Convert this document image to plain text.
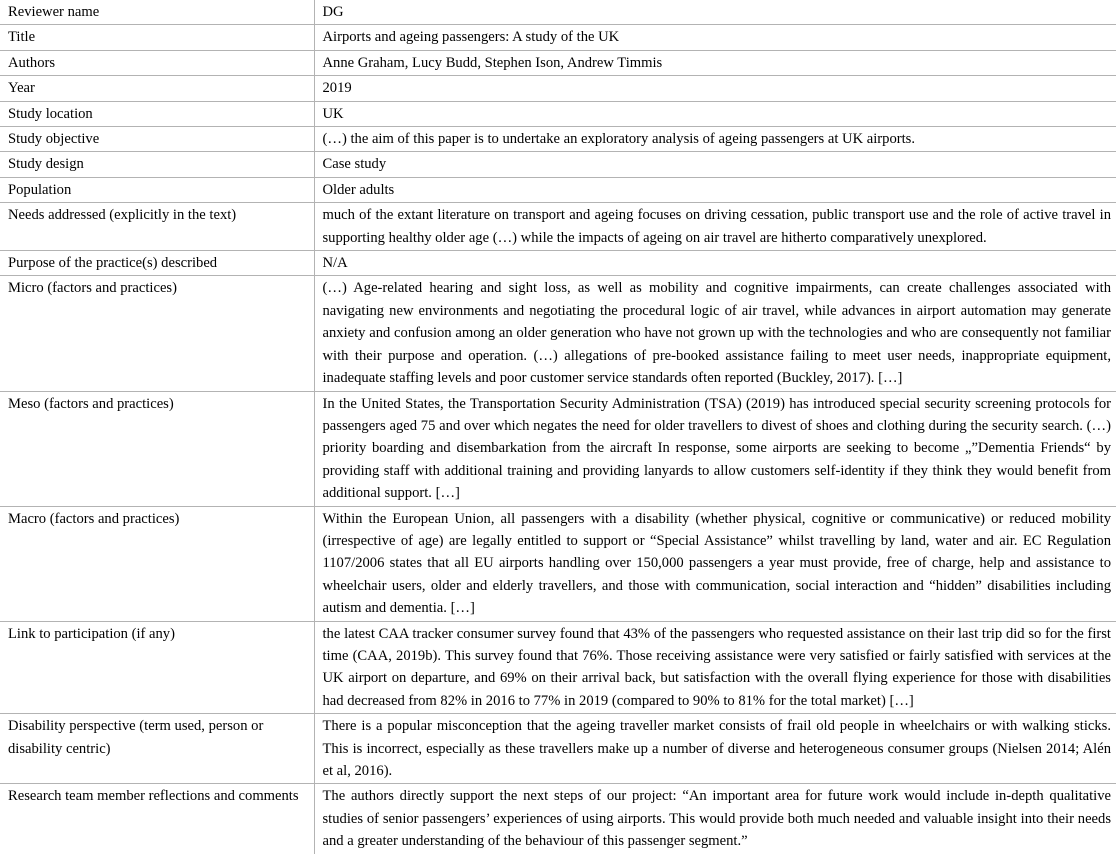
Reviewer name	DG
Title	Airports and ageing passengers: A study of the UK
Authors	Anne Graham, Lucy Budd, Stephen Ison, Andrew Timmis
Year	2019
Study location	UK
Study objective	(…) the aim of this paper is to undertake an exploratory analysis of ageing passengers at UK airports.
Study design	Case study
Population	Older adults
Needs addressed (explicitly in the text)	much of the extant literature on transport and ageing focuses on driving cessation, public transport use and the role of active travel in supporting healthy older age (…) while the impacts of ageing on air travel are hitherto comparatively unexplored.
Purpose of the practice(s) described	N/A
Micro (factors and practices)	(…) Age-related hearing and sight loss, as well as mobility and cognitive impairments, can create challenges associated with navigating new environments and negotiating the procedural logic of air travel, while advances in airport automation may generate anxiety and confusion among an older generation who have not grown up with the technologies and who are consequently not familiar with their purpose and operation. (…) allegations of pre-booked assistance failing to meet user needs, inappropriate equipment, inadequate staffing levels and poor customer service standards often reported (Buckley, 2017). […]
Meso (factors and practices)	In the United States, the Transportation Security Administration (TSA) (2019) has introduced special security screening protocols for passengers aged 75 and over which negates the need for older travellers to divest of shoes and clothing during the security search. (…) priority boarding and disembarkation from the aircraft In response, some airports are seeking to become „”Dementia Friends“ by providing staff with additional training and providing lanyards to allow customers self-identity if they think they would benefit from additional support. […]
Macro (factors and practices)	Within the European Union, all passengers with a disability (whether physical, cognitive or communicative) or reduced mobility (irrespective of age) are legally entitled to support or “Special Assistance” whilst travelling by land, water and air. EC Regulation 1107/2006 states that all EU airports handling over 150,000 passengers a year must provide, free of charge, help and assistance to wheelchair users, older and elderly travellers, and those with communication, social interaction and “hidden” disabilities including autism and dementia. […]
Link to participation (if any)	the latest CAA tracker consumer survey found that 43% of the passengers who requested assistance on their last trip did so for the first time (CAA, 2019b). This survey found that 76%. Those receiving assistance were very satisfied or fairly satisfied with services at the UK airport on departure, and 69% on their arrival back, but satisfaction with the overall flying experience for those with disabilities had decreased from 82% in 2016 to 77% in 2019 (compared to 90% to 81% for the total market) […]
Disability perspective (term used, person or disability centric)	There is a popular misconception that the ageing traveller market consists of frail old people in wheelchairs or with walking sticks. This is incorrect, especially as these travellers make up a number of diverse and heterogeneous consumer groups (Nielsen 2014; Alén et al, 2016).
Research team member reflections and comments	The authors directly support the next steps of our project: “An important area for future work would include in-depth qualitative studies of senior passengers’ experiences of using airports. This would provide both much needed and valuable insight into their needs and a greater understanding of the behaviour of this passenger segment.”
